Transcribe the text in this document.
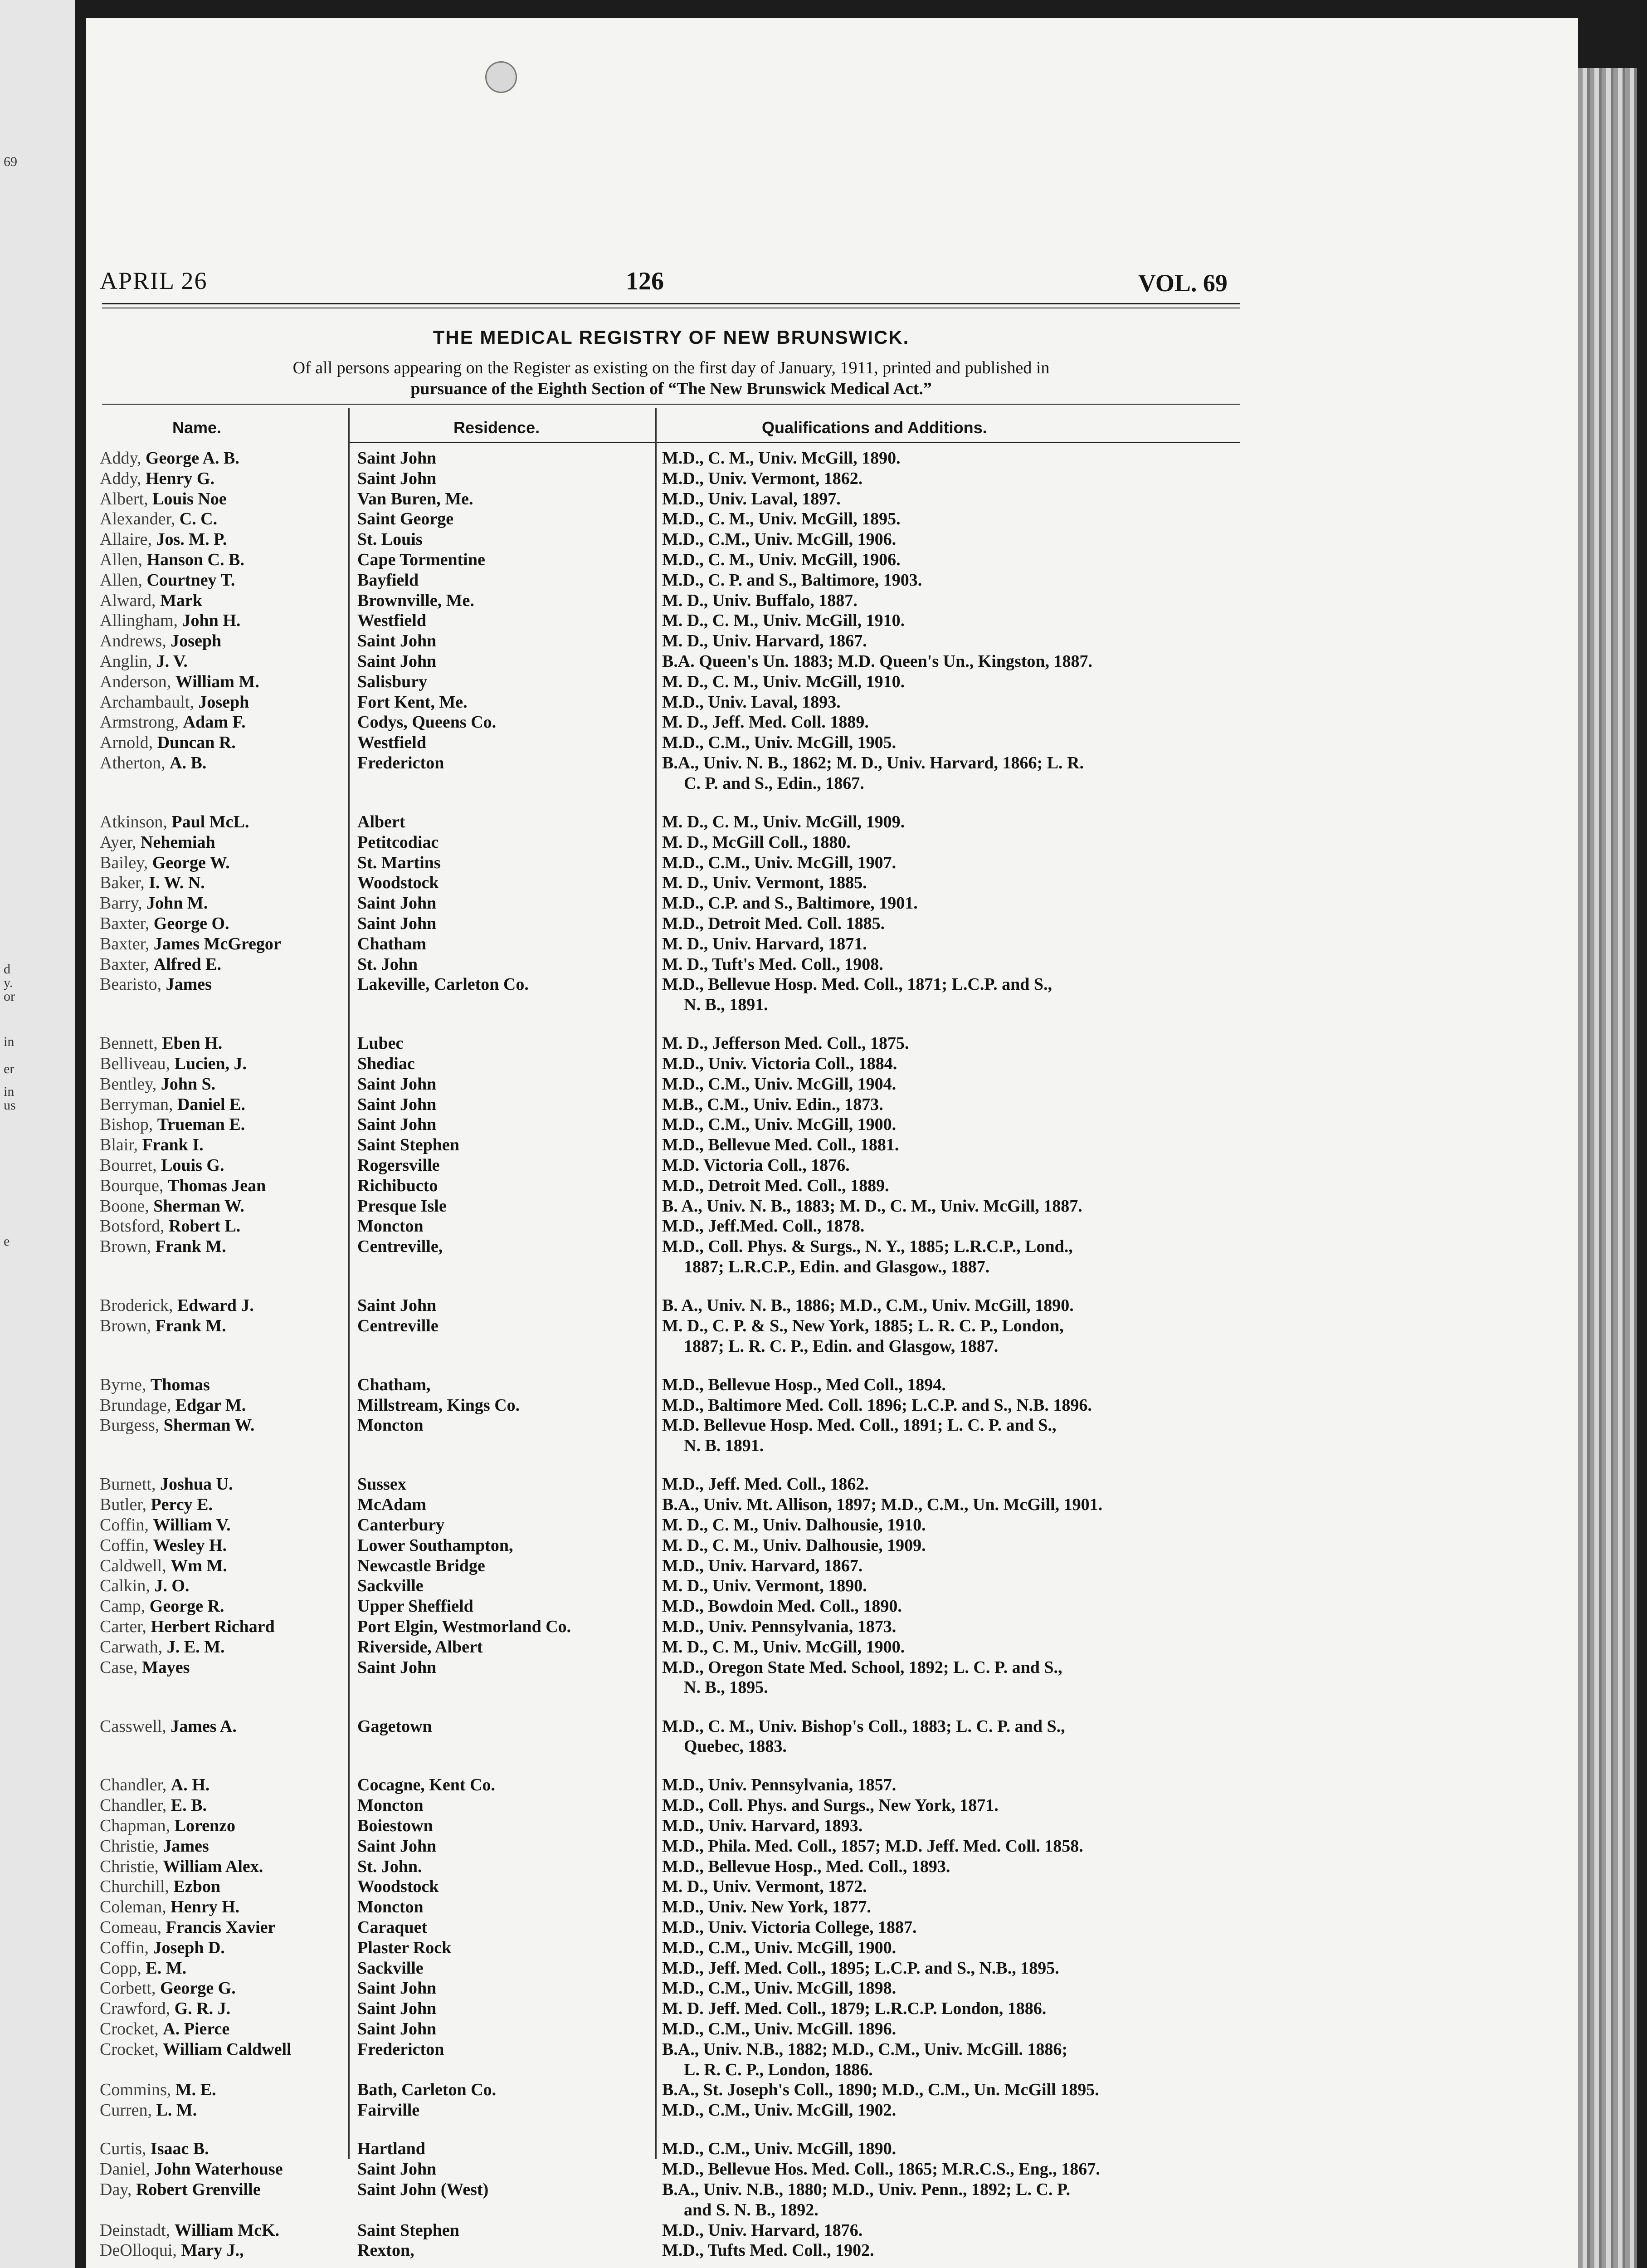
69
d
y.
or
in
er
in
us
e
APRIL 26	126	VOL. 69
THE MEDICAL REGISTRY OF NEW BRUNSWICK.
Of all persons appearing on the Register as existing on the first day of January, 1911, printed and published in
pursuance of the Eighth Section of “The New Brunswick Medical Act.”
Name.	Residence.	Qualifications and Additions.
Addy, George A. B.	Saint John	M.D., C. M., Univ. McGill, 1890.
Addy, Henry G.	Saint John	M.D., Univ. Vermont, 1862.
Albert, Louis Noe	Van Buren, Me.	M.D., Univ. Laval, 1897.
Alexander, C. C.	Saint George	M.D., C. M., Univ. McGill, 1895.
Allaire, Jos. M. P.	St. Louis	M.D., C.M., Univ. McGill, 1906.
Allen, Hanson C. B.	Cape Tormentine	M.D., C. M., Univ. McGill, 1906.
Allen, Courtney T.	Bayfield	M.D., C. P. and S., Baltimore, 1903.
Alward, Mark	Brownville, Me.	M. D., Univ. Buffalo, 1887.
Allingham, John H.	Westfield	M. D., C. M., Univ. McGill, 1910.
Andrews, Joseph	Saint John	M. D., Univ. Harvard, 1867.
Anglin, J. V.	Saint John	B.A. Queen's Un. 1883; M.D. Queen's Un., Kingston, 1887.
Anderson, William M.	Salisbury	M. D., C. M., Univ. McGill, 1910.
Archambault, Joseph	Fort Kent, Me.	M.D., Univ. Laval, 1893.
Armstrong, Adam F.	Codys, Queens Co.	M. D., Jeff. Med. Coll. 1889.
Arnold, Duncan R.	Westfield	M.D., C.M., Univ. McGill, 1905.
Atherton, A. B.	Fredericton	B.A., Univ. N. B., 1862; M. D., Univ. Harvard, 1866; L. R.
C. P. and S., Edin., 1867.
Atkinson, Paul McL.	Albert	M. D., C. M., Univ. McGill, 1909.
Ayer, Nehemiah	Petitcodiac	M. D., McGill Coll., 1880.
Bailey, George W.	St. Martins	M.D., C.M., Univ. McGill, 1907.
Baker, I. W. N.	Woodstock	M. D., Univ. Vermont, 1885.
Barry, John M.	Saint John	M.D., C.P. and S., Baltimore, 1901.
Baxter, George O.	Saint John	M.D., Detroit Med. Coll. 1885.
Baxter, James McGregor	Chatham	M. D., Univ. Harvard, 1871.
Baxter, Alfred E.	St. John	M. D., Tuft's Med. Coll., 1908.
Bearisto, James	Lakeville, Carleton Co.	M.D., Bellevue Hosp. Med. Coll., 1871; L.C.P. and S.,
N. B., 1891.
Bennett, Eben H.	Lubec	M. D., Jefferson Med. Coll., 1875.
Belliveau, Lucien, J.	Shediac	M.D., Univ. Victoria Coll., 1884.
Bentley, John S.	Saint John	M.D., C.M., Univ. McGill, 1904.
Berryman, Daniel E.	Saint John	M.B., C.M., Univ. Edin., 1873.
Bishop, Trueman E.	Saint John	M.D., C.M., Univ. McGill, 1900.
Blair, Frank I.	Saint Stephen	M.D., Bellevue Med. Coll., 1881.
Bourret, Louis G.	Rogersville	M.D. Victoria Coll., 1876.
Bourque, Thomas Jean	Richibucto	M.D., Detroit Med. Coll., 1889.
Boone, Sherman W.	Presque Isle	B. A., Univ. N. B., 1883; M. D., C. M., Univ. McGill, 1887.
Botsford, Robert L.	Moncton	M.D., Jeff.Med. Coll., 1878.
Brown, Frank M.	Centreville,	M.D., Coll. Phys. & Surgs., N. Y., 1885; L.R.C.P., Lond.,
1887; L.R.C.P., Edin. and Glasgow., 1887.
Broderick, Edward J.	Saint John	B. A., Univ. N. B., 1886; M.D., C.M., Univ. McGill, 1890.
Brown, Frank M.	Centreville	M. D., C. P. & S., New York, 1885; L. R. C. P., London,
1887; L. R. C. P., Edin. and Glasgow, 1887.
Byrne, Thomas	Chatham,	M.D., Bellevue Hosp., Med Coll., 1894.
Brundage, Edgar M.	Millstream, Kings Co.	M.D., Baltimore Med. Coll. 1896; L.C.P. and S., N.B. 1896.
Burgess, Sherman W.	Moncton	M.D. Bellevue Hosp. Med. Coll., 1891; L. C. P. and S.,
N. B. 1891.
Burnett, Joshua U.	Sussex	M.D., Jeff. Med. Coll., 1862.
Butler, Percy E.	McAdam	B.A., Univ. Mt. Allison, 1897; M.D., C.M., Un. McGill, 1901.
Coffin, William V.	Canterbury	M. D., C. M., Univ. Dalhousie, 1910.
Coffin, Wesley H.	Lower Southampton,	M. D., C. M., Univ. Dalhousie, 1909.
Caldwell, Wm M.	Newcastle Bridge	M.D., Univ. Harvard, 1867.
Calkin, J. O.	Sackville	M. D., Univ. Vermont, 1890.
Camp, George R.	Upper Sheffield	M.D., Bowdoin Med. Coll., 1890.
Carter, Herbert Richard	Port Elgin, Westmorland Co.	M.D., Univ. Pennsylvania, 1873.
Carwath, J. E. M.	Riverside, Albert	M. D., C. M., Univ. McGill, 1900.
Case, Mayes	Saint John	M.D., Oregon State Med. School, 1892; L. C. P. and S.,
N. B., 1895.
Casswell, James A.	Gagetown	M.D., C. M., Univ. Bishop's Coll., 1883; L. C. P. and S.,
Quebec, 1883.
Chandler, A. H.	Cocagne, Kent Co.	M.D., Univ. Pennsylvania, 1857.
Chandler, E. B.	Moncton	M.D., Coll. Phys. and Surgs., New York, 1871.
Chapman, Lorenzo	Boiestown	M.D., Univ. Harvard, 1893.
Christie, James	Saint John	M.D., Phila. Med. Coll., 1857; M.D. Jeff. Med. Coll. 1858.
Christie, William Alex.	St. John.	M.D., Bellevue Hosp., Med. Coll., 1893.
Churchill, Ezbon	Woodstock	M. D., Univ. Vermont, 1872.
Coleman, Henry H.	Moncton	M.D., Univ. New York, 1877.
Comeau, Francis Xavier	Caraquet	M.D., Univ. Victoria College, 1887.
Coffin, Joseph D.	Plaster Rock	M.D., C.M., Univ. McGill, 1900.
Copp, E. M.	Sackville	M.D., Jeff. Med. Coll., 1895; L.C.P. and S., N.B., 1895.
Corbett, George G.	Saint John	M.D., C.M., Univ. McGill, 1898.
Crawford, G. R. J.	Saint John	M. D. Jeff. Med. Coll., 1879; L.R.C.P. London, 1886.
Crocket, A. Pierce	Saint John	M.D., C.M., Univ. McGill. 1896.
Crocket, William Caldwell	Fredericton	B.A., Univ. N.B., 1882; M.D., C.M., Univ. McGill. 1886;
L. R. C. P., London, 1886.
Commins, M. E.	Bath, Carleton Co.	B.A., St. Joseph's Coll., 1890; M.D., C.M., Un. McGill 1895.
Curren, L. M.	Fairville	M.D., C.M., Univ. McGill, 1902.
Curtis, Isaac B.	Hartland	M.D., C.M., Univ. McGill, 1890.
Daniel, John Waterhouse	Saint John	M.D., Bellevue Hos. Med. Coll., 1865; M.R.C.S., Eng., 1867.
Day, Robert Grenville	Saint John (West)	B.A., Univ. N.B., 1880; M.D., Univ. Penn., 1892; L. C. P.
and S. N. B., 1892.
Deinstadt, William McK.	Saint Stephen	M.D., Univ. Harvard, 1876.
DeOlloqui, Mary J.,	Rexton,	M.D., Tufts Med. Coll., 1902.
